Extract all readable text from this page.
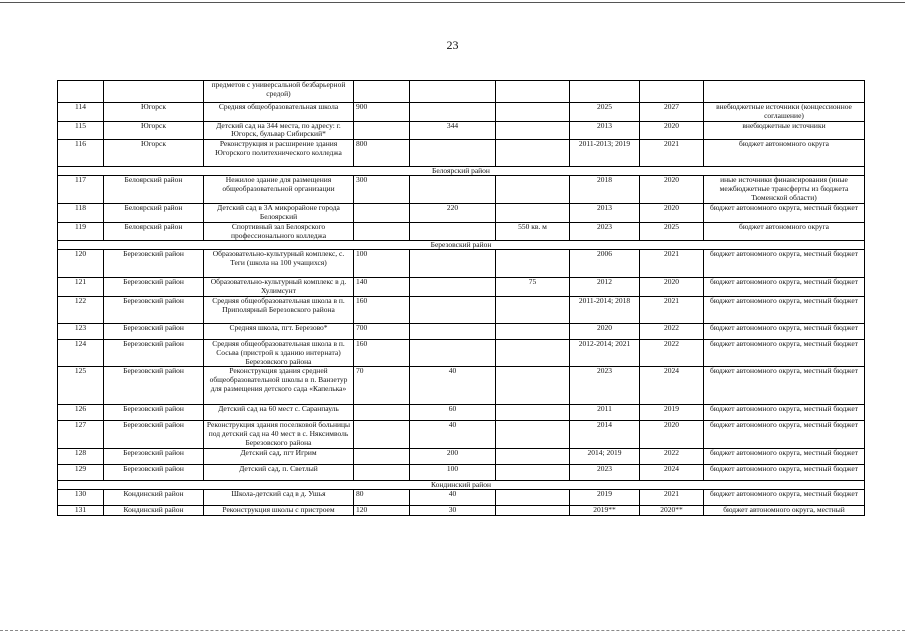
23
		предметов с универсальной безбарьерной средой)						
114	Югорск	Средняя общеобразовательная школа	900			2025	2027	внебюджетные источники (концессионное соглашение)
115	Югорск	Детский сад на 344 места, по адресу: г. Югорск, бульвар Сибирский*		344		2013	2020	внебюджетные источники
116	Югорск	Реконструкция и расширение здания Югорского политехнического колледжа	800			2011-2013; 2019	2021	бюджет автономного округа
Белоярский район								
117	Белоярский район	Нежилое здание для размещения общеобразовательной организации	300			2018	2020	иные источники финансирования (иные межбюджетные трансферты из бюджета Тюменской области)
118	Белоярский район	Детский сад в 3А микрорайоне города Белоярский		220		2013	2020	бюджет автономного округа, местный бюджет
119	Белоярский район	Спортивный зал Белоярского профессионального колледжа			550 кв. м	2023	2025	бюджет автономного округа
Березовский район								
120	Березовский район	Образовательно-культурный комплекс, с. Теги (школа на 100 учащихся)	100			2006	2021	бюджет автономного округа, местный бюджет
121	Березовский район	Образовательно-культурный комплекс в д. Хулимсунт	140		75	2012	2020	бюджет автономного округа, местный бюджет
122	Березовский район	Средняя общеобразовательная школа в п. Приполярный Березовского района	160			2011-2014; 2018	2021	бюджет автономного округа, местный бюджет
123	Березовский район	Средняя школа, пгт. Березово*	700			2020	2022	бюджет автономного округа, местный бюджет
124	Березовский район	Средняя общеобразовательная школа в п. Сосьва (пристрой к зданию интерната) Березовского района	160			2012-2014; 2021	2022	бюджет автономного округа, местный бюджет
125	Березовский район	Реконструкция здания средней общеобразовательной школы в п. Ванзетур для размещения детского сада «Капелька»	70	40		2023	2024	бюджет автономного округа, местный бюджет
126	Березовский район	Детский сад на 60 мест с. Саранпауль		60		2011	2019	бюджет автономного округа, местный бюджет
127	Березовский район	Реконструкция здания поселковой больницы под детский сад на 40 мест в с. Няксимволь Березовского района		40		2014	2020	бюджет автономного округа, местный бюджет
128	Березовский район	Детский сад, пгт Игрим		200		2014; 2019	2022	бюджет автономного округа, местный бюджет
129	Березовский район	Детский сад, п. Светлый		100		2023	2024	бюджет автономного округа, местный бюджет
Кондинский район								
130	Кондинский район	Школа-детский сад в д. Ушья	80	40		2019	2021	бюджет автономного округа, местный бюджет
131	Кондинский район	Реконструкция школы с пристроем	120	30		2019**	2020**	бюджет автономного округа, местный
